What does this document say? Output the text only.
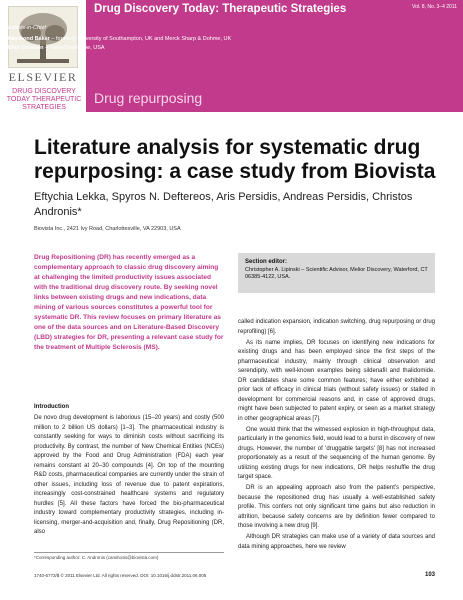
ELSEVIER
DRUG DISCOVERY TODAY THERAPEUTIC STRATEGIES
Drug Discovery Today: Therapeutic Strategies	Vol. 8, No. 3–4 2011
Editors-in-Chief
Raymond Baker – formerly University of Southampton, UK and Merck Sharp & Dohme, UK
Eliot Ohlstein – GlaxoSmithKline, USA
Drug repurposing
Literature analysis for systematic drug repurposing: a case study from Biovista
Eftychia Lekka, Spyros N. Deftereos, Aris Persidis, Andreas Persidis, Christos Andronis*
Biovista Inc., 2421 Ivy Road, Charlottesville, VA 22903, USA
Drug Repositioning (DR) has recently emerged as a complementary approach to classic drug discovery aiming at challenging the limited productivity issues associated with the traditional drug discovery route. By seeking novel links between existing drugs and new indications, data mining of various sources constitutes a powerful tool for systematic DR. This review focuses on primary literature as one of the data sources and on Literature-Based Discovery (LBD) strategies for DR, presenting a relevant case study for the treatment of Multiple Sclerosis (MS).
Section editor:
Christopher A. Lipinski – Scientific Advisor, Melior Discovery, Waterford, CT 06385-4122, USA.

called indication expansion, indication switching, drug repurposing or drug reprofiling) [6].

As its name implies, DR focuses on identifying new indications for existing drugs and has been employed since the first steps of the pharmaceutical industry, mainly through clinical observation and serendipity, with well-known examples being sildenafil and thalidomide. DR candidates share some common features; have either exhibited a prior lack of efficacy in clinical trials (without safety issues) or stalled in development for commercial reasons and, in case of approved drugs, might have been subjected to patent expiry, or seen as a market strategy in other geographical areas [7].

One would think that the witnessed explosion in high-throughput data, particularly in the genomics field, would lead to a burst in discovery of new drugs. However, the number of 'druggable targets' [8] has not increased proportionately as a result of the sequencing of the human genome. By utilizing existing drugs for new indications, DR helps reshuffle the drug target space.

DR is an appealing approach also from the patient's perspective, because the repositioned drug has usually a well-established safety profile. This confers not only significant time gains but also reduction in attrition, because safety concerns are by definition fewer compared to those involving a new drug [9].

Although DR strategies can make use of a variety of data sources and data mining approaches, here we review

Introduction

De novo drug development is laborious (15–20 years) and costly (500 million to 2 billion US dollars) [1–3]. The pharmaceutical industry is constantly seeking for ways to diminish costs without sacrificing its productivity. By contrast, the number of New Chemical Entities (NCEs) approved by the Food and Drug Administration (FDA) each year remains constant at 20–30 compounds [4]. On top of the mounting R&D costs, pharmaceutical companies are currently under the strain of other issues, including loss of revenue due to patent expirations, increasingly cost-constrained healthcare systems and regulatory hurdles [5]. All these factors have forced the bio-pharmaceutical industry toward complementary productivity strategies, including in-licensing, merger-and-acquisition and, finally, Drug Repositioning (DR, also

*Corresponding author: C. Andronis (candronis@biovista.com)
1740-6773/$ © 2011 Elsevier Ltd. All rights reserved. DOI: 10.1016/j.ddstr.2011.06.005	103
